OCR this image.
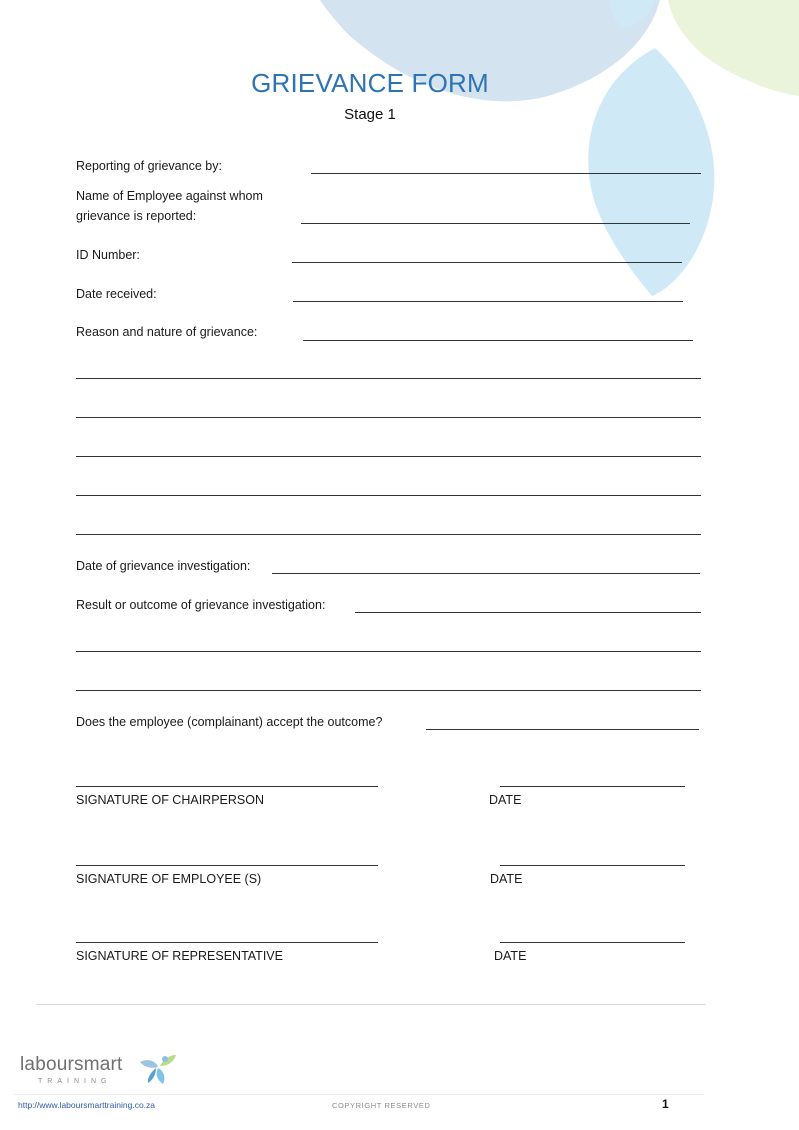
GRIEVANCE FORM
Stage 1
Reporting of grievance by:
Name of Employee against whom
grievance is reported:
ID Number:
Date received:
Reason and nature of grievance:
Date of grievance investigation:
Result or outcome of grievance investigation:
Does the employee (complainant) accept the outcome?
SIGNATURE OF CHAIRPERSON	DATE
SIGNATURE OF EMPLOYEE (S)	DATE
SIGNATURE OF REPRESENTATIVE	DATE
laboursmart
TRAINING
http://www.laboursmarttraining.co.za	COPYRIGHT RESERVED	1
